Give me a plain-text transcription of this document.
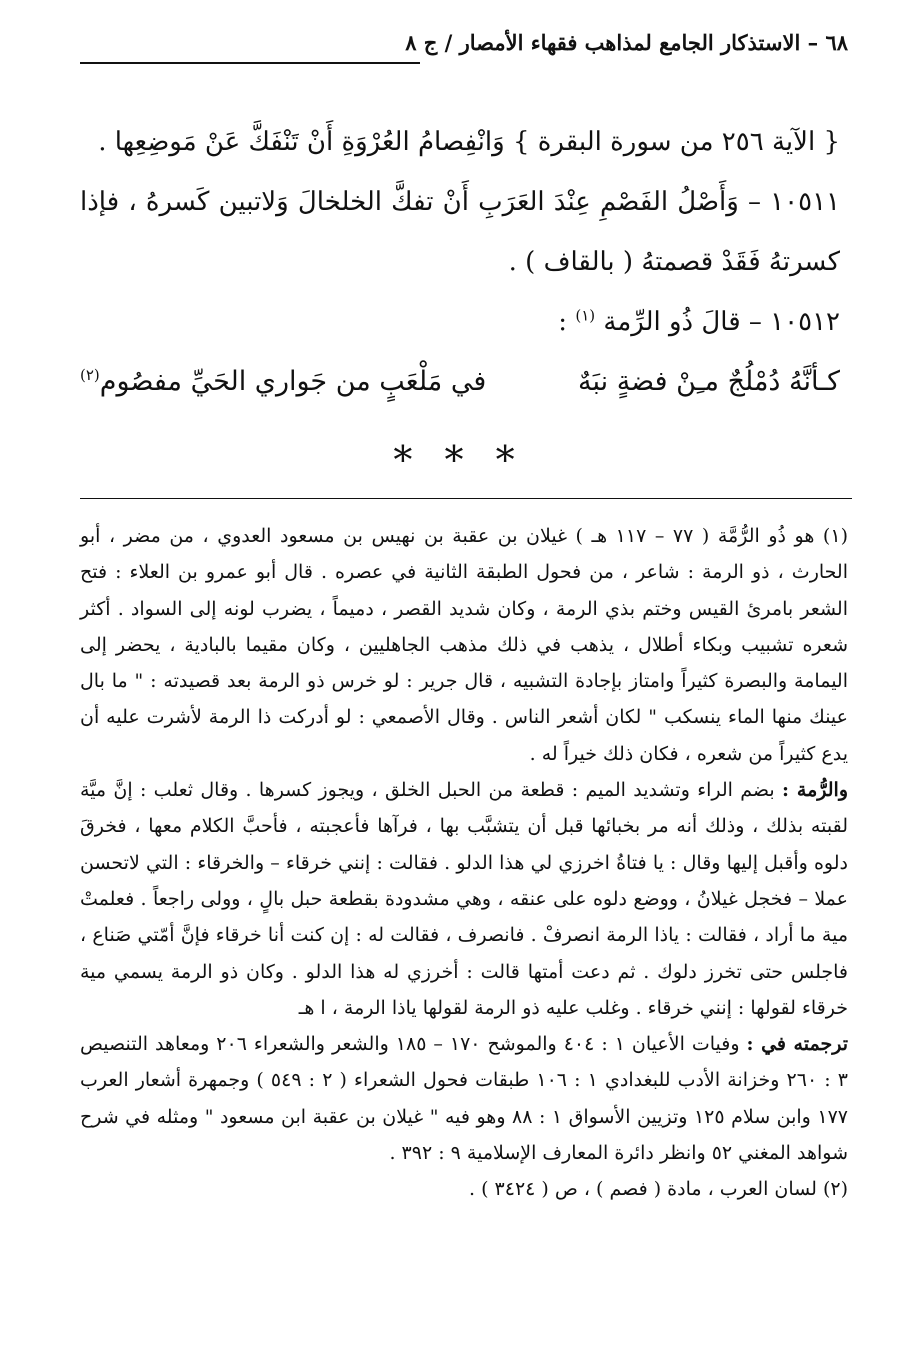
٦٨ – الاستذكار الجامع لمذاهب فقهاء الأمصار / ج ٨

{ الآية ٢٥٦ من سورة البقرة } وَانْفِصامُ العُرْوَةِ أَنْ تَنْفَكَّ عَنْ مَوضِعِها .

١٠٥١١ – وَأَصْلُ الفَصْمِ عِنْدَ العَرَبِ أَنْ تفكَّ الخلخالَ وَلاتبين كَسرهُ ، فإذا كسرتهُ فَقَدْ قصمتهُ ( بالقاف ) .

١٠٥١٢ – قالَ ذُو الرِّمة $^{(١)}$ :

كـأنَّهُ دُمْلُجٌ مـِنْ فضةٍ نبَهٌ
في مَلْعَبٍ من جَواري الحَيِّ مفصُوم$^{(٢)}$
* * *

(١) هو ذُو الرُّمَّة ( ٧٧ – ١١٧ هـ ) غيلان بن عقبة بن نهيس بن مسعود العدوي ، من مضر ، أبو الحارث ، ذو الرمة : شاعر ، من فحول الطبقة الثانية في عصره . قال أبو عمرو بن العلاء : فتح الشعر بامرئ القيس وختم بذي الرمة ، وكان شديد القصر ، دميماً ، يضرب لونه إلى السواد . أكثر شعره تشبيب وبكاء أطلال ، يذهب في ذلك مذهب الجاهليين ، وكان مقيما بالبادية ، يحضر إلى اليمامة والبصرة كثيراً وامتاز بإجادة التشبيه ، قال جرير : لو خرس ذو الرمة بعد قصيدته : " ما بال عينك منها الماء ينسكب " لكان أشعر الناس . وقال الأصمعي : لو أدركت ذا الرمة لأشرت عليه أن يدع كثيراً من شعره ، فكان ذلك خيراً له .

والرُّمة : بضم الراء وتشديد الميم : قطعة من الحبل الخلق ، ويجوز كسرها . وقال ثعلب : إنَّ ميَّة لقبته بذلك ، وذلك أنه مر بخبائها قبل أن يتشبَّب بها ، فرآها فأعجبته ، فأحبَّ الكلام معها ، فخرقَ دلوه وأقبل إليها وقال : يا فتاةُ اخرزي لي هذا الدلو . فقالت : إنني خرقاء – والخرقاء : التي لاتحسن عملا – فخجل غيلانُ ، ووضع دلوه على عنقه ، وهي مشدودة بقطعة حبل بالٍ ، وولى راجعاً . فعلمتْ مية ما أراد ، فقالت : ياذا الرمة انصرفْ . فانصرف ، فقالت له : إن كنت أنا خرقاء فإنَّ أمّتي صَناع ، فاجلس حتى تخرز دلوك . ثم دعت أمتها قالت : أخرزي له هذا الدلو . وكان ذو الرمة يسمي مية خرقاء لقولها : إنني خرقاء . وغلب عليه ذو الرمة لقولها ياذا الرمة ، ا هـ

ترجمته في : وفيات الأعيان ١ : ٤٠٤ والموشح ١٧٠ – ١٨٥ والشعر والشعراء ٢٠٦ ومعاهد التنصيص ٣ : ٢٦٠ وخزانة الأدب للبغدادي ١ : ١٠٦ طبقات فحول الشعراء ( ٢ : ٥٤٩ ) وجمهرة أشعار العرب ١٧٧ وابن سلام ١٢٥ وتزيين الأسواق ١ : ٨٨ وهو فيه " غيلان بن عقبة ابن مسعود " ومثله في شرح شواهد المغني ٥٢ وانظر دائرة المعارف الإسلامية ٩ : ٣٩٢ .

(٢) لسان العرب ، مادة ( فصم ) ، ص ( ٣٤٢٤ ) .
